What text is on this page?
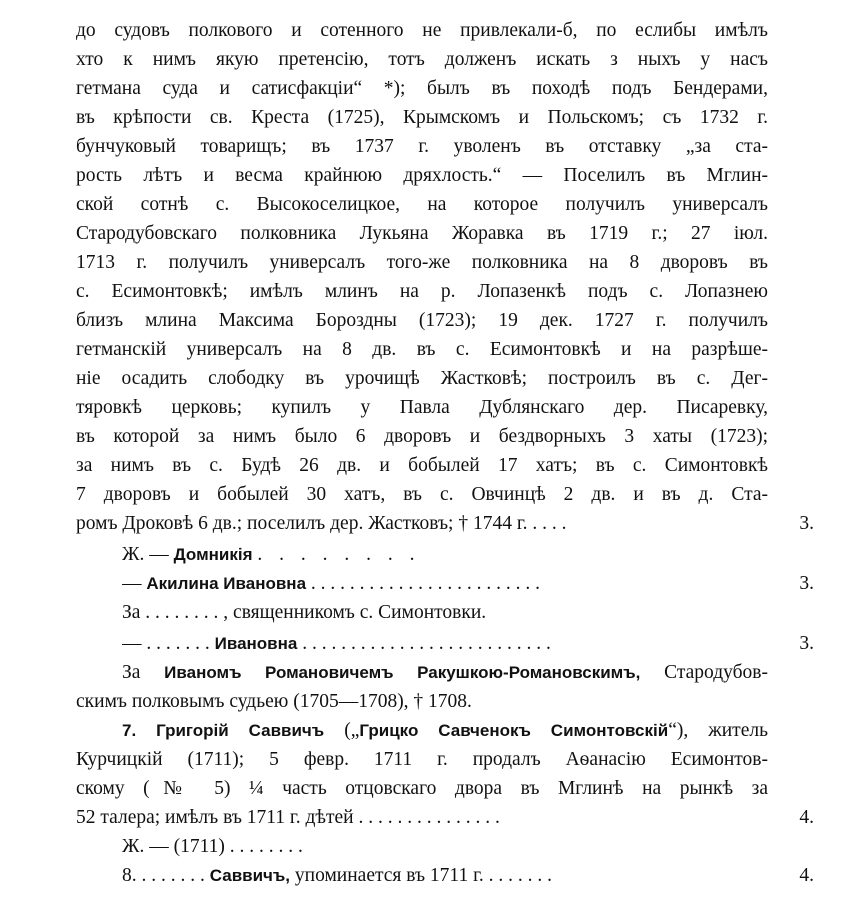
до судовъ полкового и сотенного не привлекали-б, по еслибы имѣлъ
хто к нимъ якую претенсію, тотъ долженъ искать з ныхъ у насъ
гетмана суда и сатисфакціи“ *); былъ въ походѣ подъ Бендерами,
въ крѣпости св. Креста (1725), Крымскомъ и Польскомъ; съ 1732 г.
бунчуковый товарищъ; въ 1737 г. уволенъ въ отставку „за ста-
рость лѣтъ и весма крайнюю дряхлость.“ — Поселилъ въ Мглин-
ской сотнѣ с. Высокоселицкое, на которое получилъ универсалъ
Стародубовскаго полковника Лукьяна Жоравка въ 1719 г.; 27 іюл.
1713 г. получилъ универсалъ того-же полковника на 8 дворовъ въ
с. Есимонтовкѣ; имѣлъ млинъ на р. Лопазенкѣ подъ с. Лопазнею
близъ млина Максима Бороздны (1723); 19 дек. 1727 г. получилъ
гетманскій универсалъ на 8 дв. въ с. Есимонтовкѣ и на разрѣше-
ніе осадить слободку въ урочищѣ Жастковѣ; построилъ въ с. Дег-
тяровкѣ церковь; купилъ у Павла Дублянскаго дер. Писаревку,
въ которой за нимъ было 6 дворовъ и бездворныхъ 3 хаты (1723);
за нимъ въ с. Будѣ 26 дв. и бобылей 17 хатъ; въ с. Симонтовкѣ
7 дворовъ и бобылей 30 хатъ, въ с. Овчинцѣ 2 дв. и въ д. Ста-
ромъ Дроковѣ 6 дв.; поселилъ дер. Жастковъ; † 1744 г. . . . .	3.
Ж. — Домникія . . . . . . . .
— Акилина Ивановна . . . . . . . . . . . . . . . . . . . . . . . .	3.
За . . . . . . . . , священникомъ с. Симонтовки.
— . . . . . . . Ивановна . . . . . . . . . . . . . . . . . . . . . . . . . .	3.
За Иваномъ Романовичемъ Ракушкою-Романовскимъ, Стародубов-
скимъ полковымъ судьею (1705—1708), † 1708.
7. Григорій Саввичъ („Грицко Савченокъ Симонтовскій“), житель
Курчицкій (1711); 5 февр. 1711 г. продалъ Аѳанасію Есимонтов-
скому (№ 5) ¼ часть отцовскаго двора въ Мглинѣ на рынкѣ за
52 талера; имѣлъ въ 1711 г. дѣтей . . . . . . . . . . . . . . .	4.
Ж. — (1711) . . . . . . . .
8. . . . . . . . Саввичъ, упоминается въ 1711 г. . . . . . . .	4.
